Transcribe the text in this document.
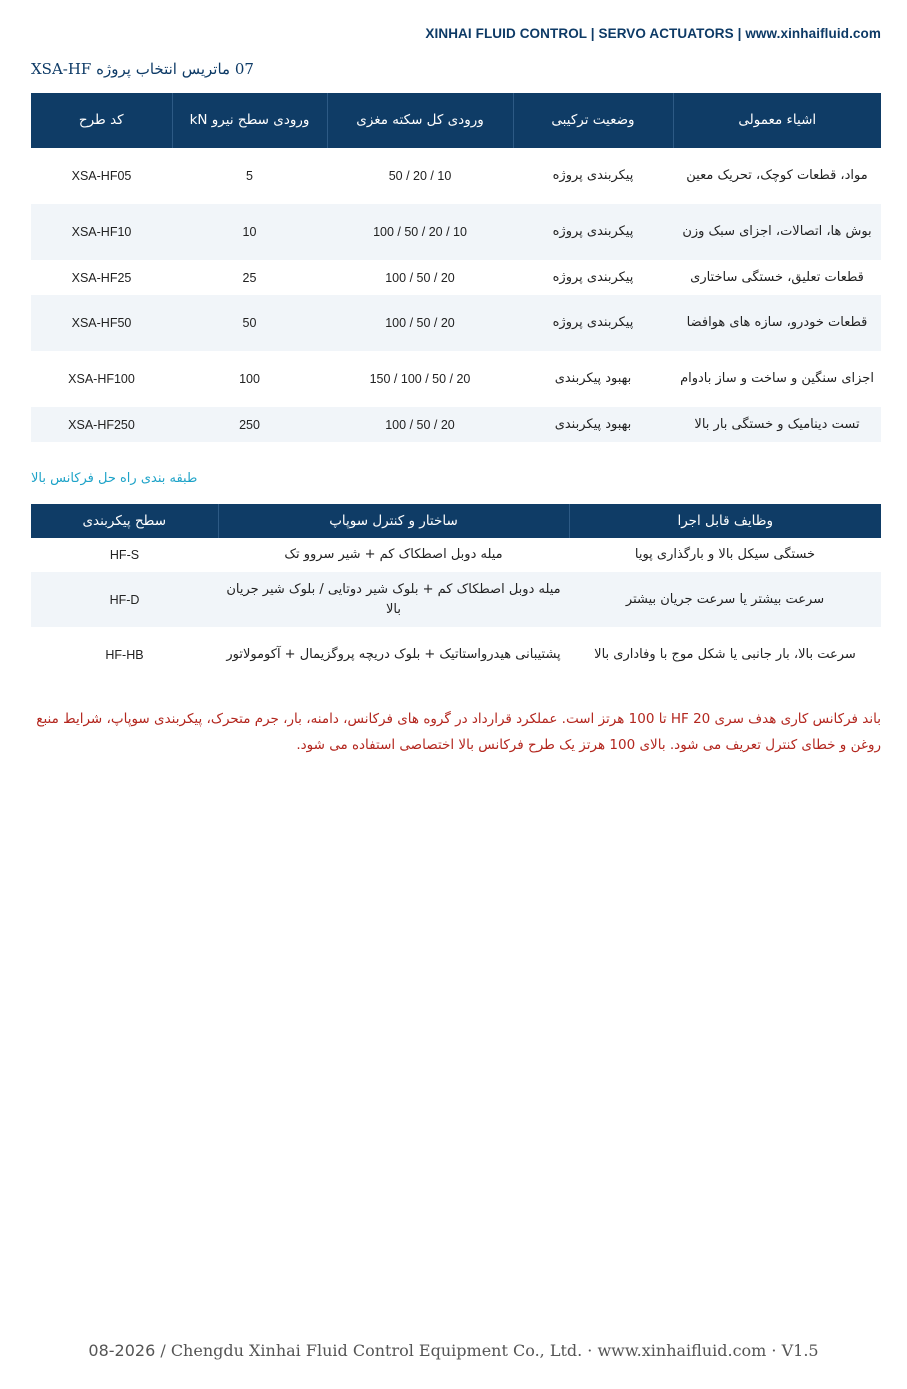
XINHAI FLUID CONTROL | SERVO ACTUATORS | www.xinhaifluid.com
07 ماتریس انتخاب پروژه XSA-HF
اشیاء معمولی	وضعیت ترکیبی	ورودی کل سکته مغزی	ورودی سطح نیرو kN	کد طرح
مواد، قطعات کوچک، تحریک معین	پیکربندی پروژه	10 / 20 / 50	5	XSA-HF05
بوش ها، اتصالات، اجزای سبک وزن	پیکربندی پروژه	10 / 20 / 50 / 100	10	XSA-HF10
قطعات تعلیق، خستگی ساختاری	پیکربندی پروژه	20 / 50 / 100	25	XSA-HF25
قطعات خودرو، سازه های هوافضا	پیکربندی پروژه	20 / 50 / 100	50	XSA-HF50
اجزای سنگین و ساخت و ساز بادوام	بهبود پیکربندی	20 / 50 / 100 / 150	100	XSA-HF100
تست دینامیک و خستگی بار بالا	بهبود پیکربندی	20 / 50 / 100	250	XSA-HF250
طبقه بندی راه حل فرکانس بالا
وظایف قابل اجرا	ساختار و کنترل سوپاپ	سطح پیکربندی
خستگی سیکل بالا و بارگذاری پویا	میله دوبل اصطکاک کم + شیر سروو تک	HF-S
سرعت بیشتر یا سرعت جریان بیشتر	میله دوبل اصطکاک کم + بلوک شیر دوتایی / بلوک شیر جریان بالا	HF-D
سرعت بالا، بار جانبی یا شکل موج با وفاداری بالا	پشتیبانی هیدرواستاتیک + بلوک دریچه پروگزیمال + آکومولاتور	HF-HB
باند فرکانس کاری هدف سری HF 20 تا 100 هرتز است. عملکرد قرارداد در گروه های فرکانس، دامنه، بار، جرم متحرک، پیکربندی سوپاپ، شرایط منبع روغن و خطای کنترل تعریف می شود. بالای 100 هرتز یک طرح فرکانس بالا اختصاصی استفاده می شود.
08-2026 / Chengdu Xinhai Fluid Control Equipment Co., Ltd. · www.xinhaifluid.com · V1.5
